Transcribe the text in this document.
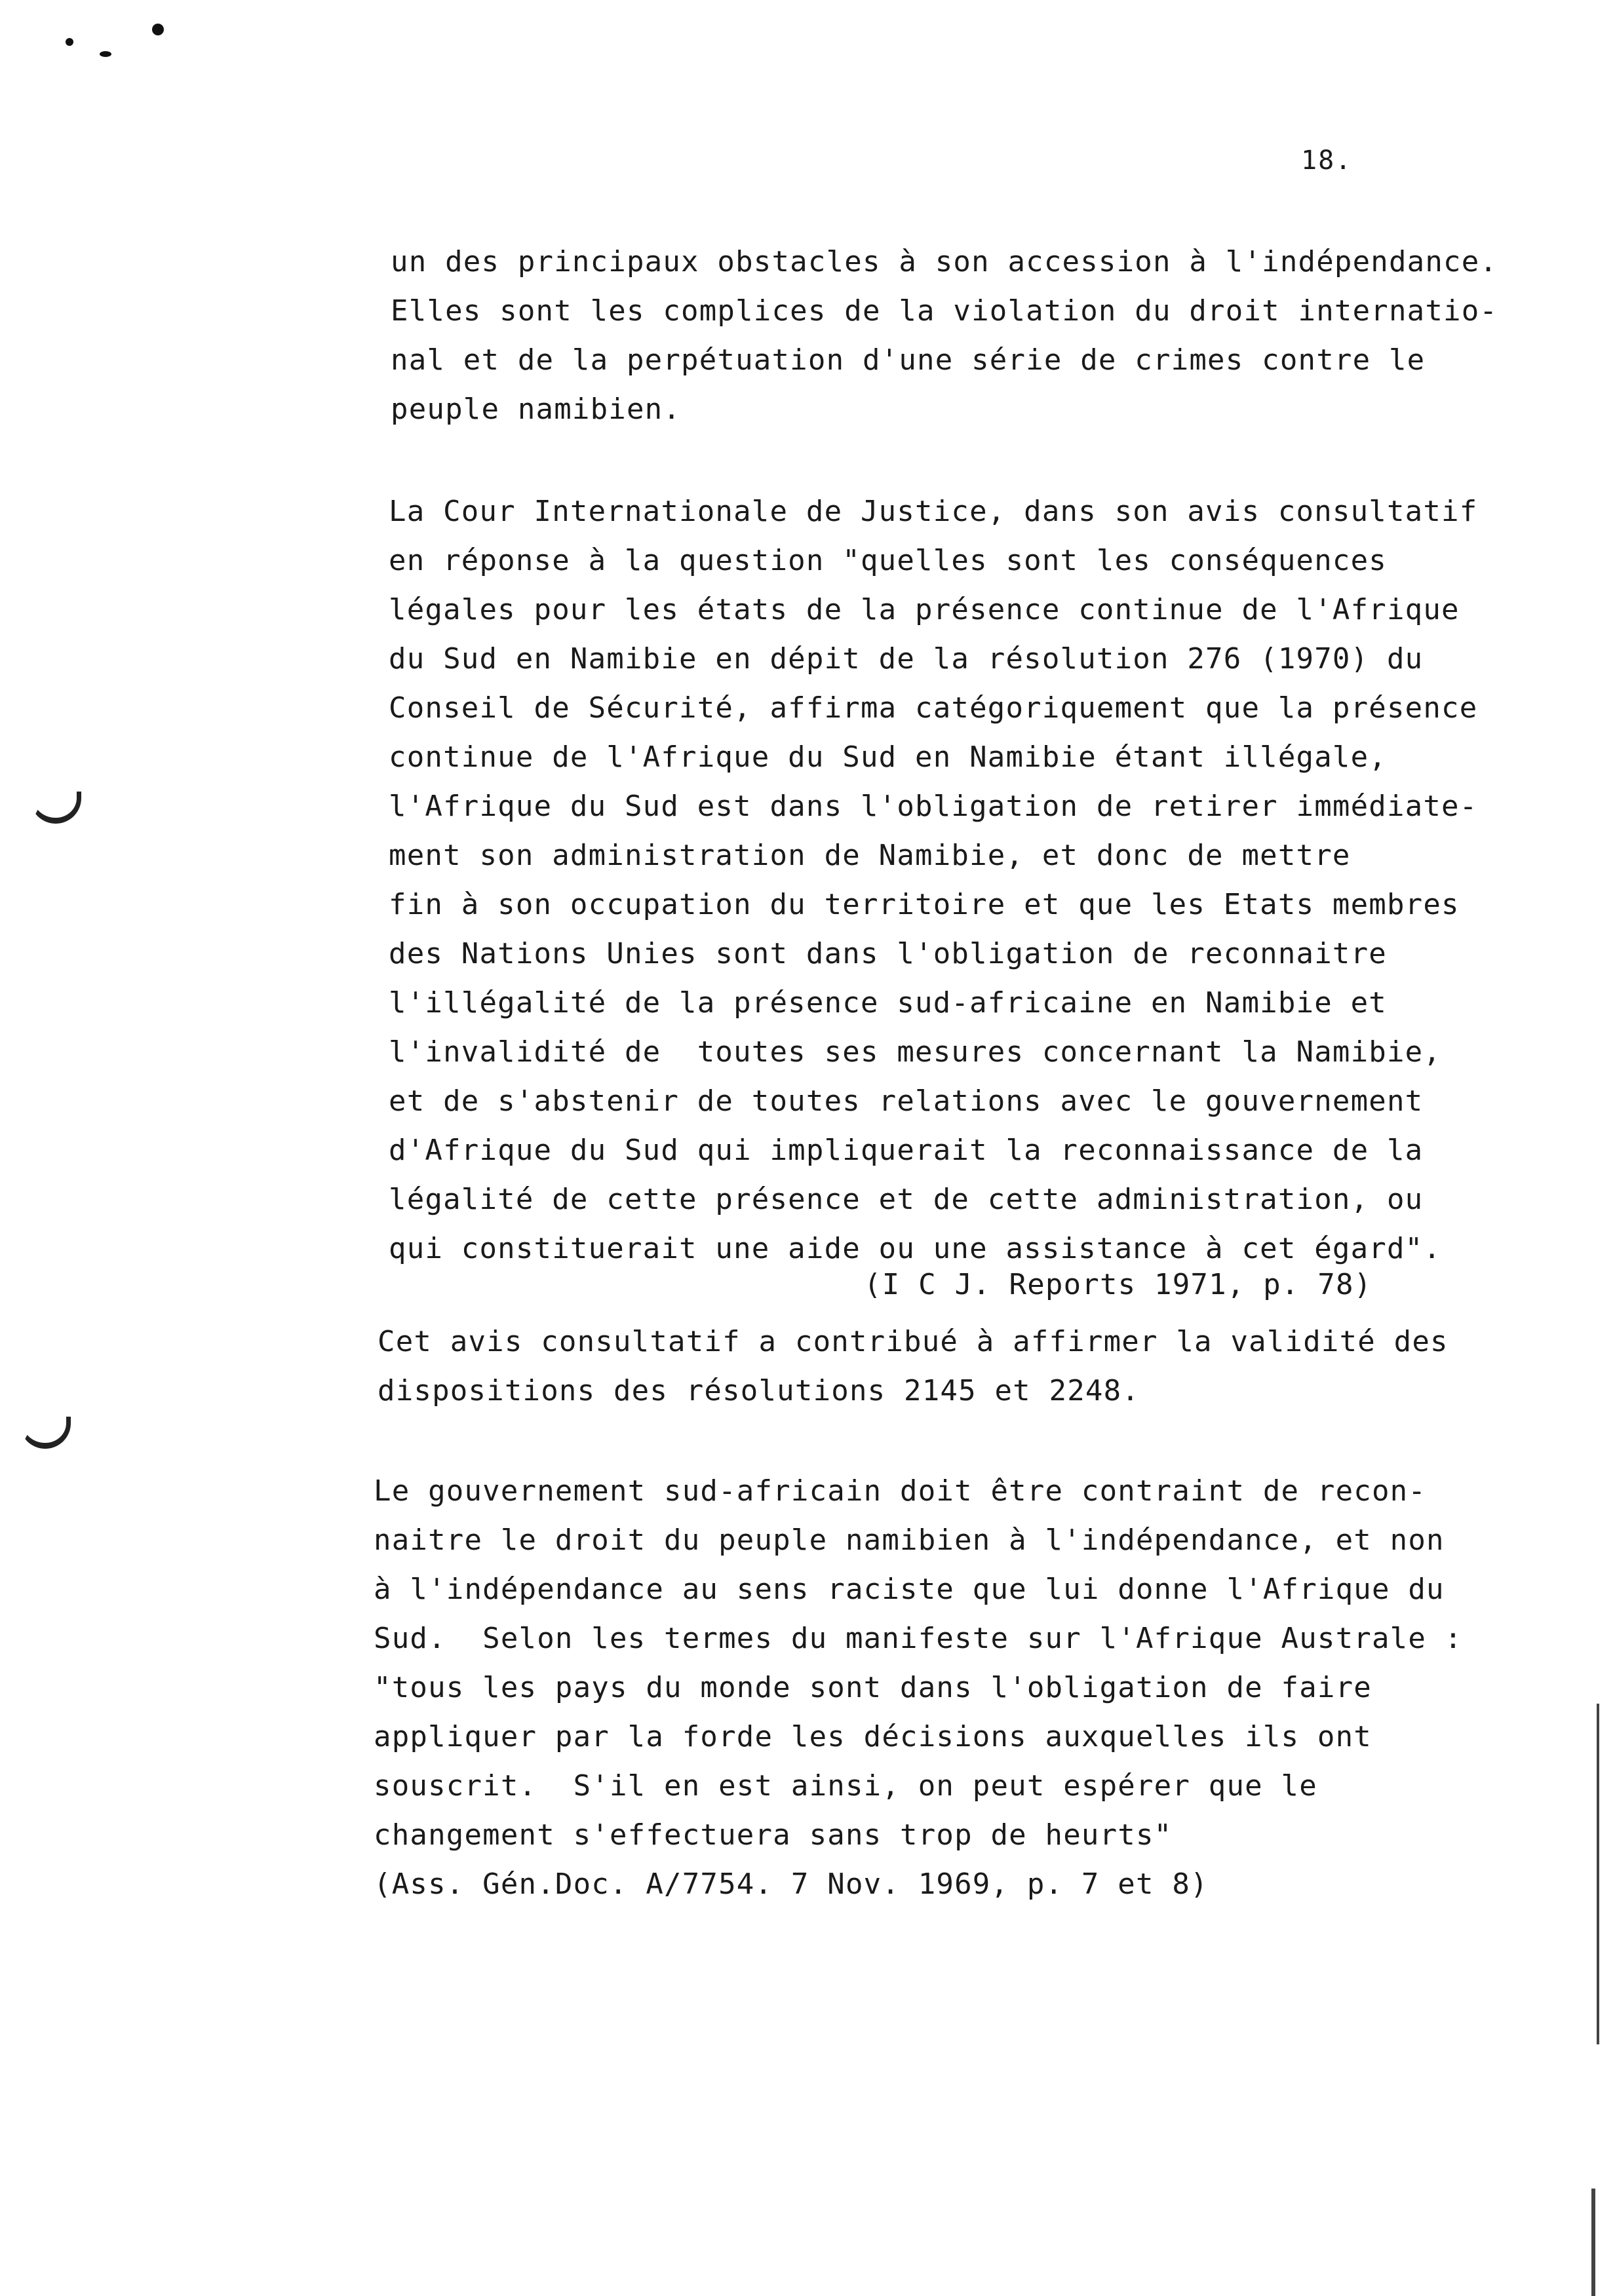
18.

un des principaux obstacles à son accession à l'indépendance.
Elles sont les complices de la violation du droit internatio-
nal et de la perpétuation d'une série de crimes contre le
peuple namibien.

La Cour Internationale de Justice, dans son avis consultatif
en réponse à la question "quelles sont les conséquences
légales pour les états de la présence continue de l'Afrique
du Sud en Namibie en dépit de la résolution 276 (1970) du
Conseil de Sécurité, affirma catégoriquement que la présence
continue de l'Afrique du Sud en Namibie étant illégale,
l'Afrique du Sud est dans l'obligation de retirer immédiate-
ment son administration de Namibie, et donc de mettre
fin à son occupation du territoire et que les Etats membres
des Nations Unies sont dans l'obligation de reconnaitre
l'illégalité de la présence sud-africaine en Namibie et
l'invalidité de  toutes ses mesures concernant la Namibie,
et de s'abstenir de toutes relations avec le gouvernement
d'Afrique du Sud qui impliquerait la reconnaissance de la
légalité de cette présence et de cette administration, ou
qui constituerait une aide ou une assistance à cet égard".

(I C J. Reports 1971, p. 78)

Cet avis consultatif a contribué à affirmer la validité des
dispositions des résolutions 2145 et 2248.

Le gouvernement sud-africain doit être contraint de recon-
naitre le droit du peuple namibien à l'indépendance, et non
à l'indépendance au sens raciste que lui donne l'Afrique du
Sud.  Selon les termes du manifeste sur l'Afrique Australe :
"tous les pays du monde sont dans l'obligation de faire
appliquer par la forde les décisions auxquelles ils ont
souscrit.  S'il en est ainsi, on peut espérer que le
changement s'effectuera sans trop de heurts"
(Ass. Gén.Doc. A/7754. 7 Nov. 1969, p. 7 et 8)
